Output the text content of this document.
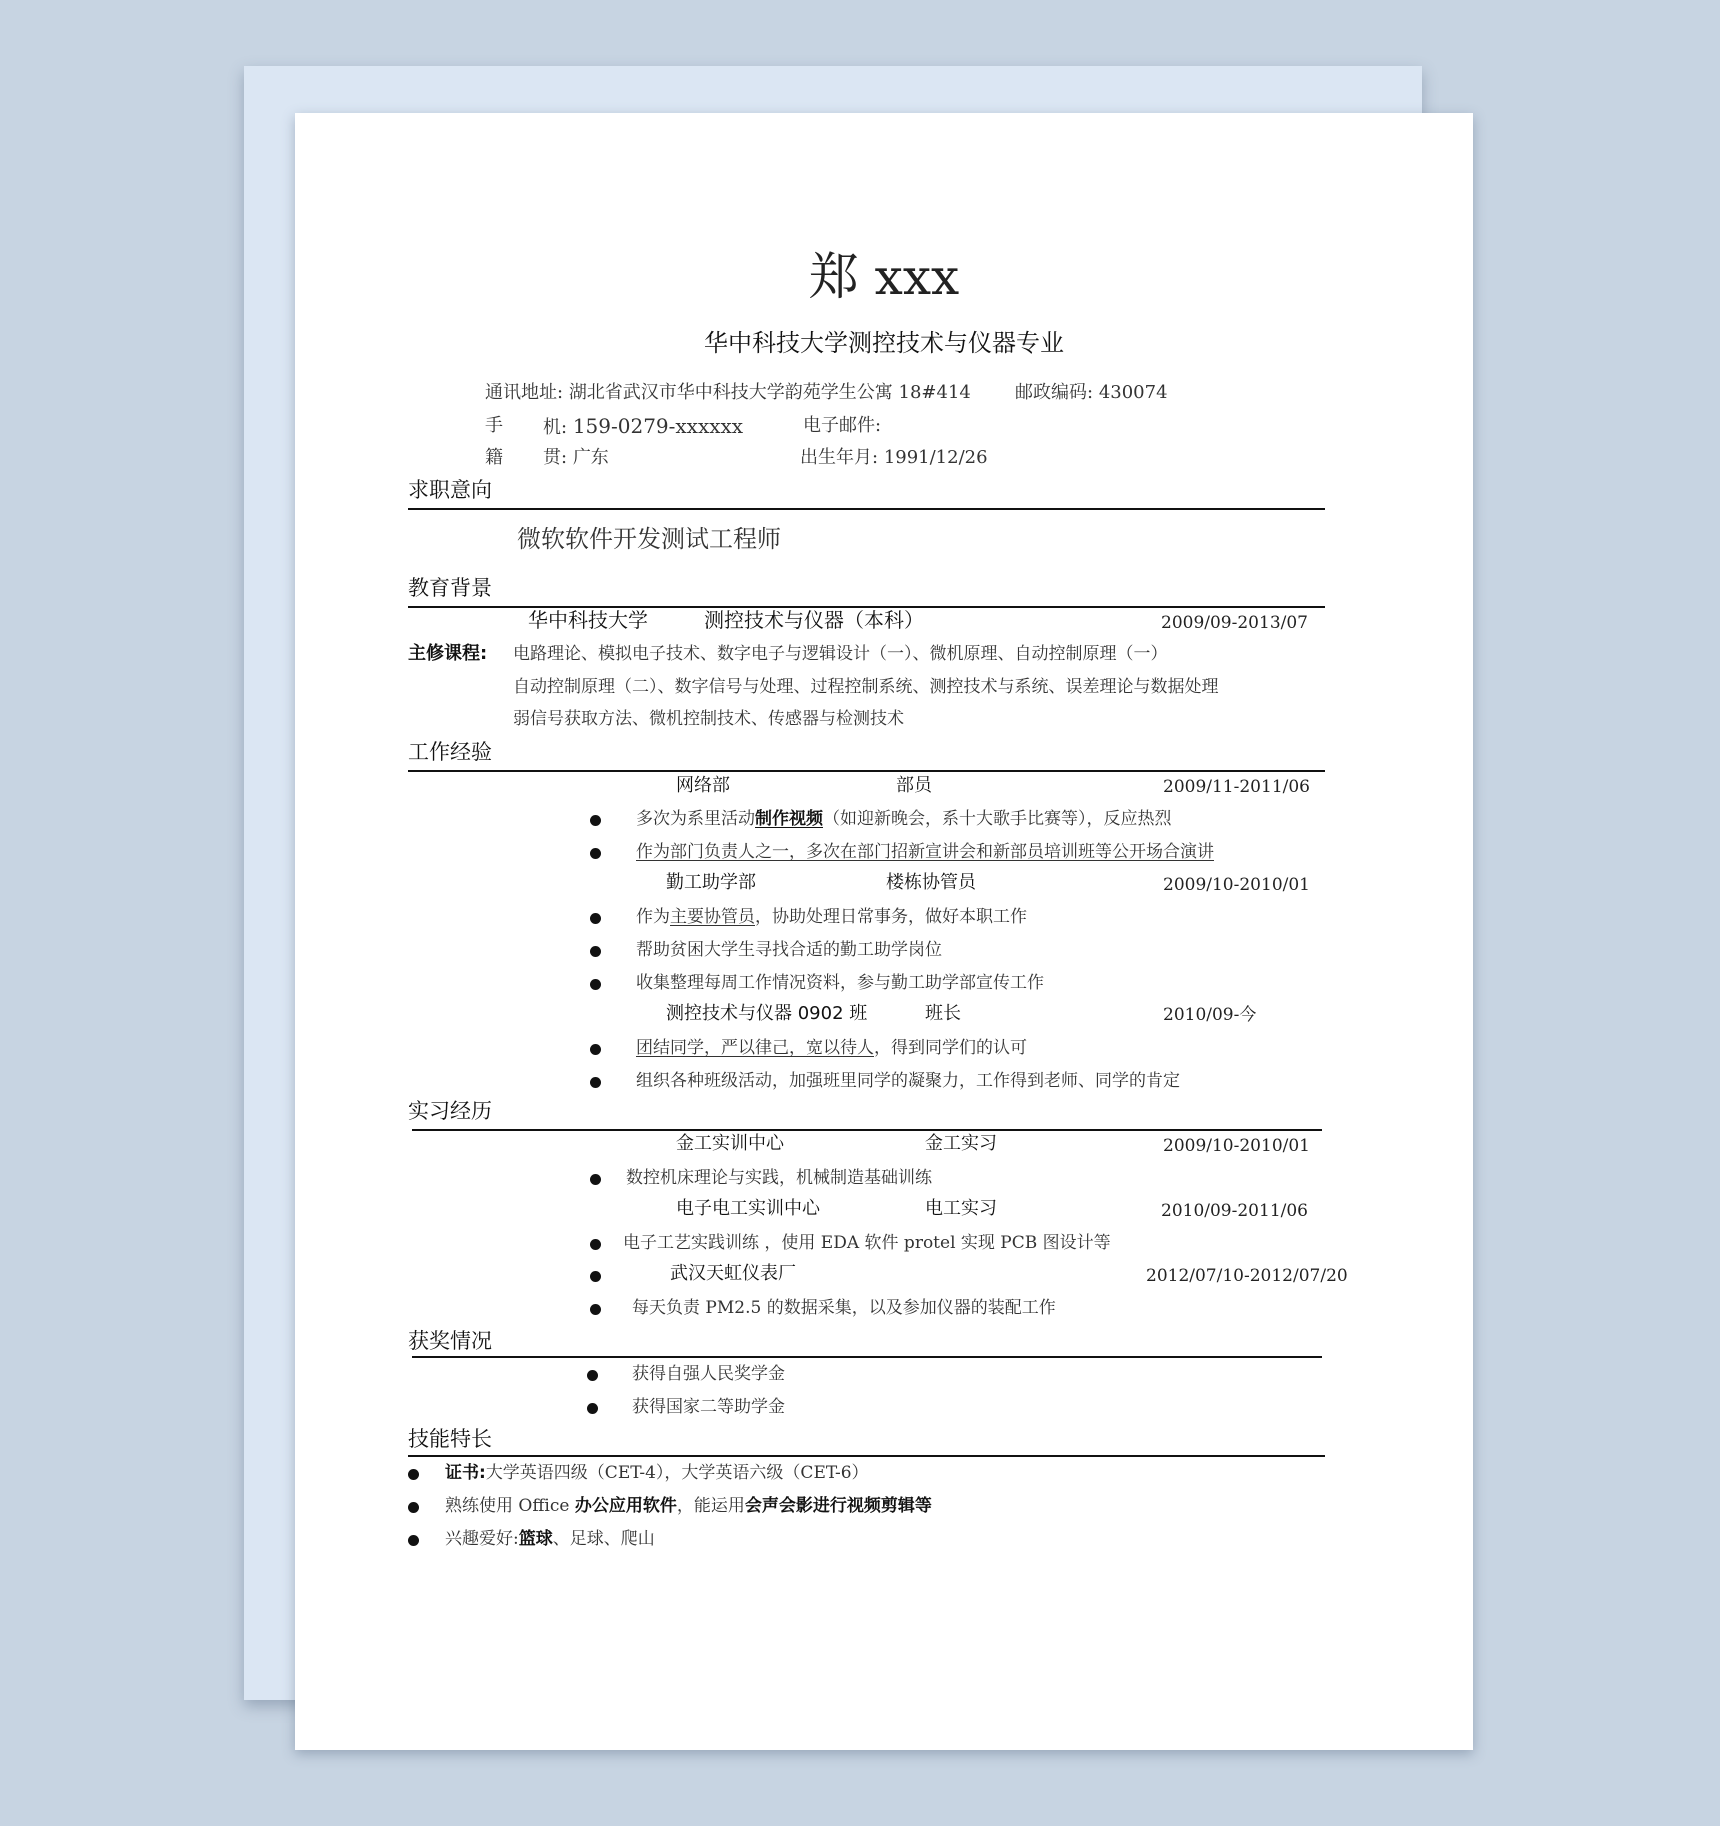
郑 xxx
华中科技大学测控技术与仪器专业
通讯地址: 湖北省武汉市华中科技大学韵苑学生公寓 18#414 邮政编码: 430074
手 机: 159-0279-xxxxxx	电子邮件:
籍 贯: 广东	出生年月: 1991/12/26
求职意向
微软软件开发测试工程师
教育背景
华中科技大学	测控技术与仪器（本科）	2009/09-2013/07
主修课程: 电路理论、模拟电子技术、数字电子与逻辑设计（一）、微机原理、自动控制原理（一）
自动控制原理（二）、数字信号与处理、过程控制系统、测控技术与系统、误差理论与数据处理
弱信号获取方法、微机控制技术、传感器与检测技术
工作经验
网络部	部员	2009/11-2011/06
多次为系里活动制作视频（如迎新晚会，系十大歌手比赛等），反应热烈
作为部门负责人之一，多次在部门招新宣讲会和新部员培训班等公开场合演讲
勤工助学部	楼栋协管员	2009/10-2010/01
作为主要协管员，协助处理日常事务，做好本职工作
帮助贫困大学生寻找合适的勤工助学岗位
收集整理每周工作情况资料，参与勤工助学部宣传工作
测控技术与仪器 0902 班	班长	2010/09-今
团结同学，严以律己，宽以待人，得到同学们的认可
组织各种班级活动，加强班里同学的凝聚力，工作得到老师、同学的肯定
实习经历
金工实训中心	金工实习	2009/10-2010/01
数控机床理论与实践，机械制造基础训练
电子电工实训中心	电工实习	2010/09-2011/06
电子工艺实践训练 ，使用 EDA 软件 protel 实现 PCB 图设计等
武汉天虹仪表厂	2012/07/10-2012/07/20
每天负责 PM2.5 的数据采集，以及参加仪器的装配工作
获奖情况
获得自强人民奖学金
获得国家二等助学金
技能特长
证书:大学英语四级（CET-4），大学英语六级（CET-6）
熟练使用 Office 办公应用软件，能运用会声会影进行视频剪辑等
兴趣爱好:篮球、足球、爬山
